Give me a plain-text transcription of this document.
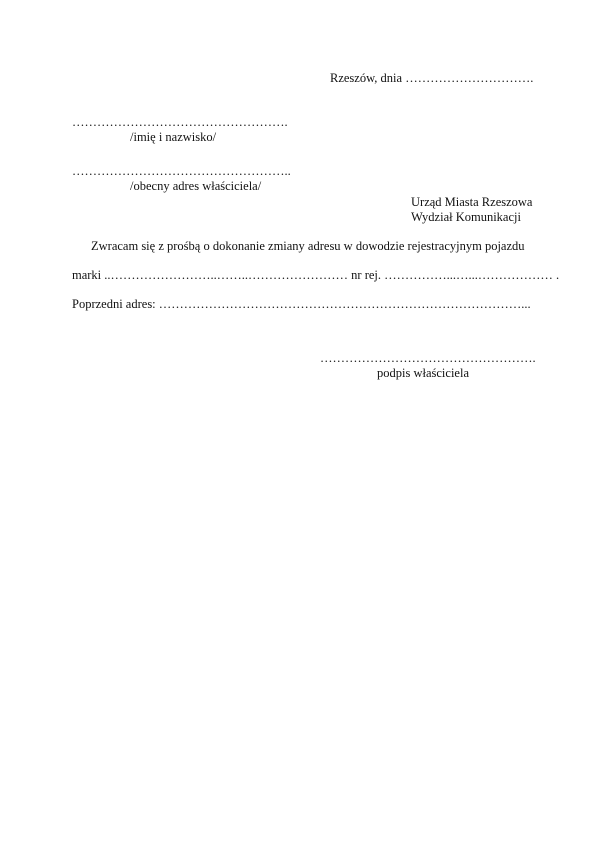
Rzeszów, dnia ………………………….
…………………………………………….
/imię i nazwisko/
……………………………………………..
/obecny adres właściciela/
Urząd Miasta Rzeszowa
Wydział Komunikacji
Zwracam się z prośbą o dokonanie zmiany adresu w dowodzie rejestracyjnym pojazdu
marki ..……………………..……..…………………… nr rej. ……………...…...……………… .
Poprzedni adres: ……………………………………………………………………………...
…………………………………………….
podpis właściciela
